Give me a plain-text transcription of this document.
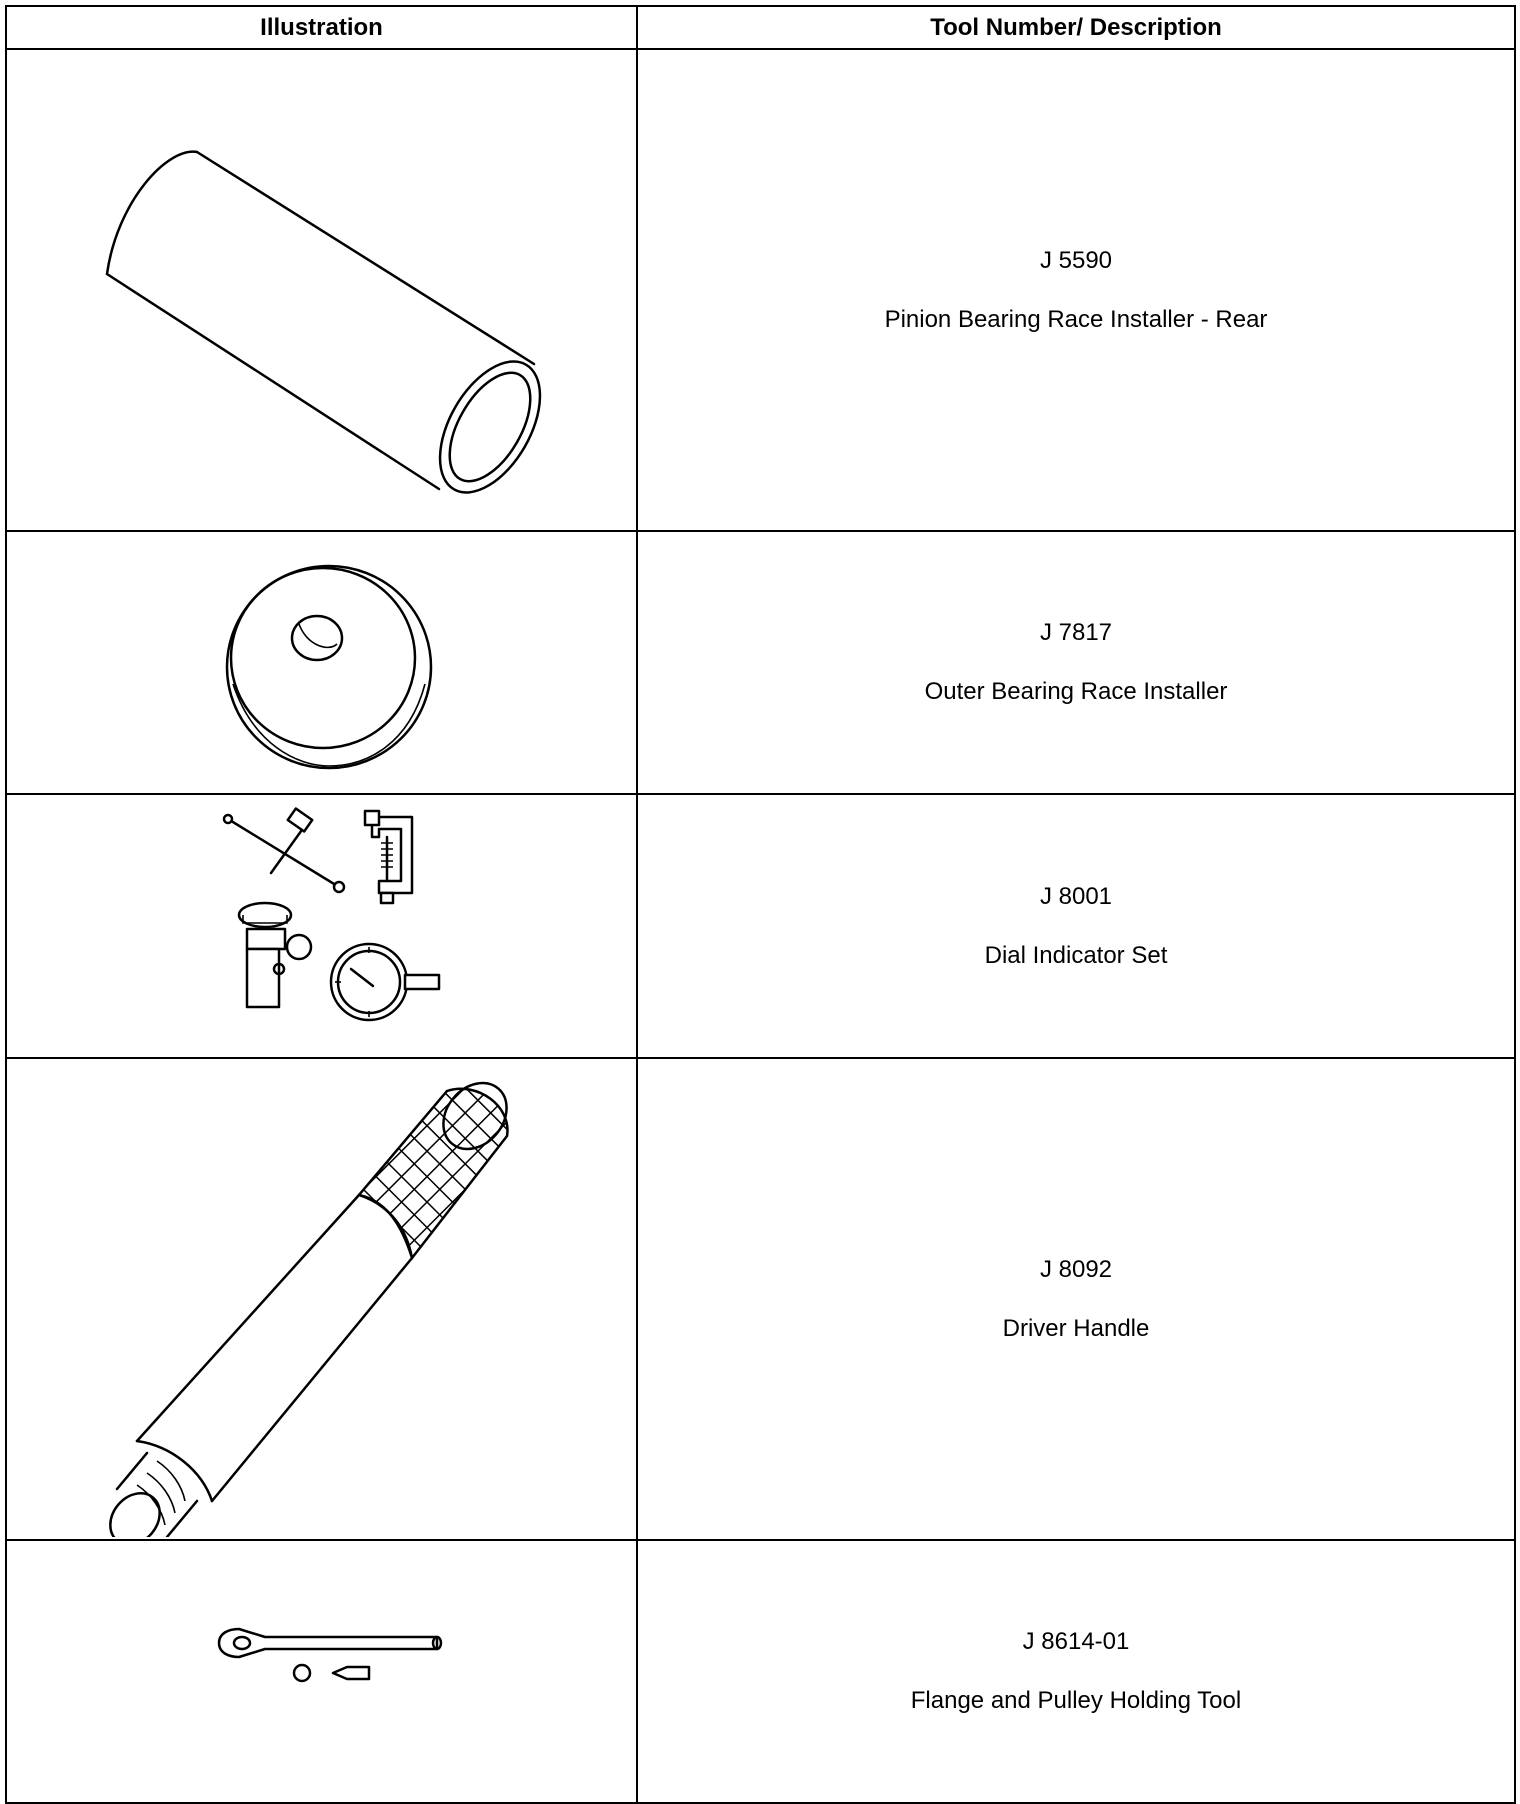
Illustration	Tool Number/ Description

J 5590
Pinion Bearing Race Installer - Rear

J 7817
Outer Bearing Race Installer

J 8001
Dial Indicator Set

J 8092
Driver Handle

J 8614-01
Flange and Pulley Holding Tool
